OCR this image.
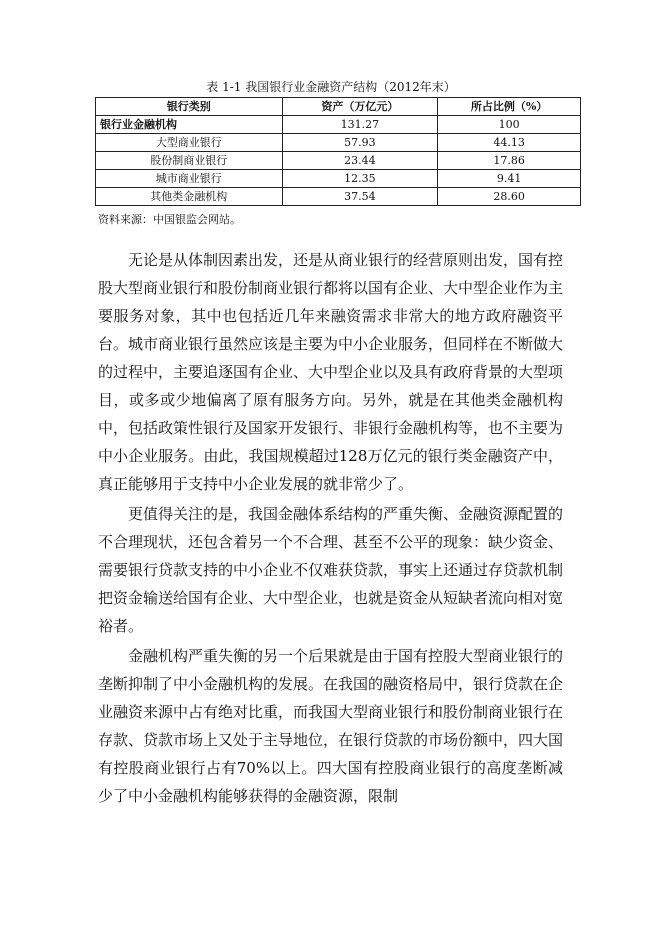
表 1-1 我国银行业金融资产结构（2012年末）
银行类别	资产（万亿元）	所占比例（%）
银行业金融机构	131.27	100
大型商业银行	57.93	44.13
股份制商业银行	23.44	17.86
城市商业银行	12.35	9.41
其他类金融机构	37.54	28.60
资料来源：中国银监会网站。

无论是从体制因素出发，还是从商业银行的经营原则出发，国有控股大型商业银行和股份制商业银行都将以国有企业、大中型企业作为主要服务对象，其中也包括近几年来融资需求非常大的地方政府融资平台。城市商业银行虽然应该是主要为中小企业服务，但同样在不断做大的过程中，主要追逐国有企业、大中型企业以及具有政府背景的大型项目，或多或少地偏离了原有服务方向。另外，就是在其他类金融机构中，包括政策性银行及国家开发银行、非银行金融机构等，也不主要为中小企业服务。由此，我国规模超过128万亿元的银行类金融资产中，真正能够用于支持中小企业发展的就非常少了。

更值得关注的是，我国金融体系结构的严重失衡、金融资源配置的不合理现状，还包含着另一个不合理、甚至不公平的现象：缺少资金、需要银行贷款支持的中小企业不仅难获贷款，事实上还通过存贷款机制把资金输送给国有企业、大中型企业，也就是资金从短缺者流向相对宽裕者。

金融机构严重失衡的另一个后果就是由于国有控股大型商业银行的垄断抑制了中小金融机构的发展。在我国的融资格局中，银行贷款在企业融资来源中占有绝对比重，而我国大型商业银行和股份制商业银行在存款、贷款市场上又处于主导地位，在银行贷款的市场份额中，四大国有控股商业银行占有70%以上。四大国有控股商业银行的高度垄断减少了中小金融机构能够获得的金融资源，限制
